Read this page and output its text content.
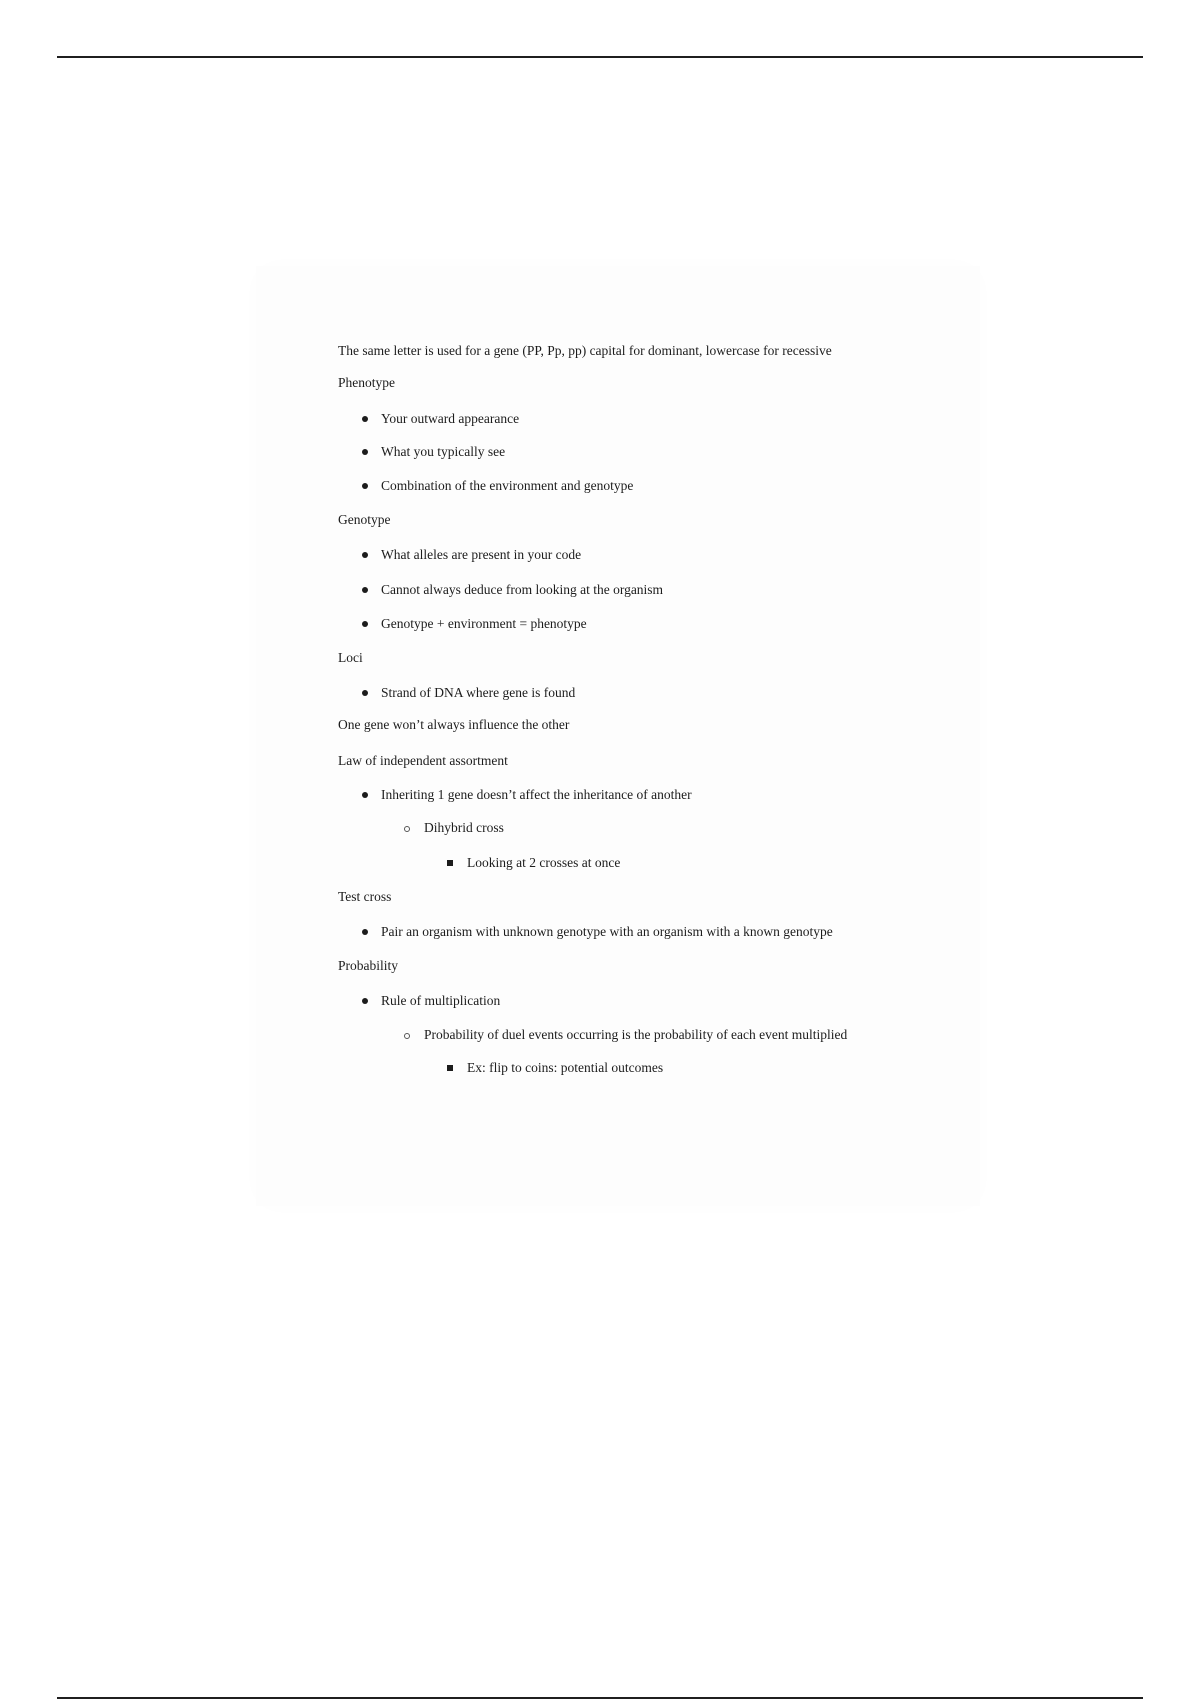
The same letter is used for a gene (PP, Pp, pp) capital for dominant, lowercase for recessive
Phenotype
Your outward appearance
What you typically see
Combination of the environment and genotype
Genotype
What alleles are present in your code
Cannot always deduce from looking at the organism
Genotype + environment = phenotype
Loci
Strand of DNA where gene is found
One gene won’t always influence the other
Law of independent assortment
Inheriting 1 gene doesn’t affect the inheritance of another
Dihybrid cross
Looking at 2 crosses at once
Test cross
Pair an organism with unknown genotype with an organism with a known genotype
Probability
Rule of multiplication
Probability of duel events occurring is the probability of each event multiplied
Ex: flip to coins: potential outcomes
